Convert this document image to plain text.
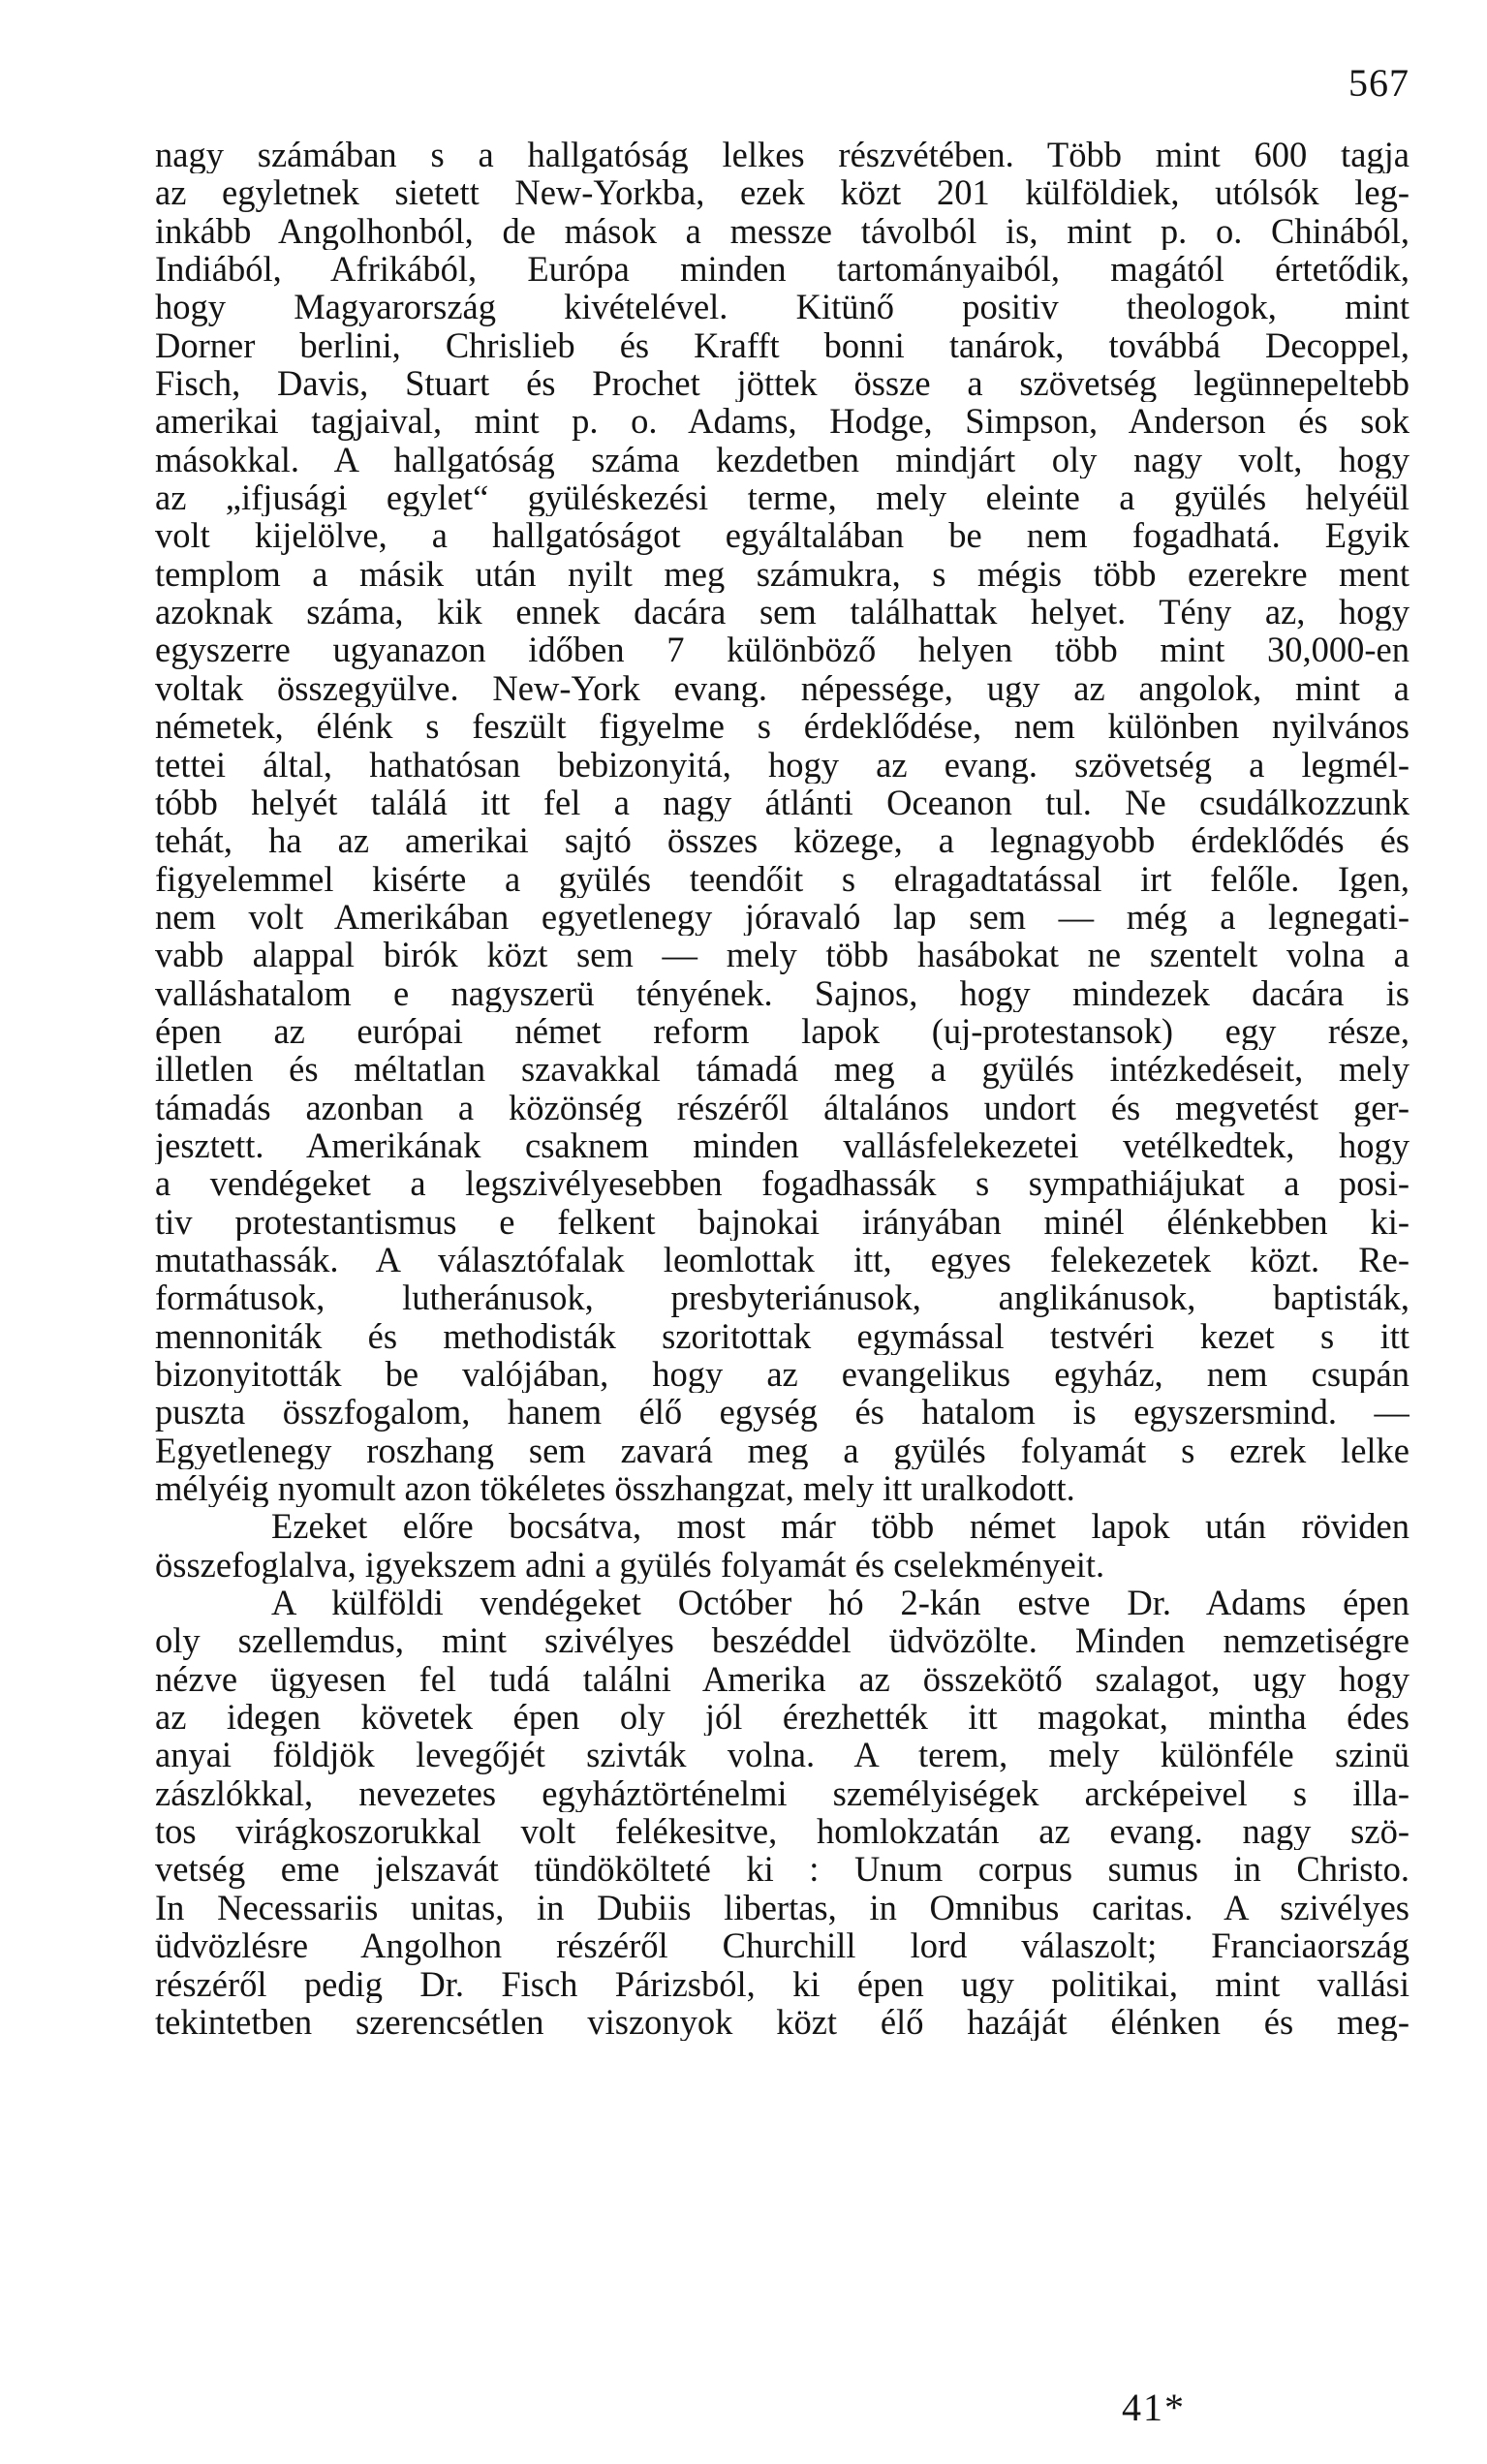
567
nagy számában s a hallgatóság lelkes részvétében. Több mint 600 tagja
az egyletnek sietett New-Yorkba, ezek közt 201 külföldiek, utólsók leg-
inkább Angolhonból, de mások a messze távolból is, mint p. o. Chinából,
Indiából, Afrikából, Európa minden tartományaiból, magától értetődik,
hogy Magyarország kivételével. Kitünő positiv theologok, mint
Dorner berlini, Chrislieb és Krafft bonni tanárok, továbbá Decoppel,
Fisch, Davis, Stuart és Prochet jöttek össze a szövetség legünnepeltebb
amerikai tagjaival, mint p. o. Adams, Hodge, Simpson, Anderson és sok
másokkal. A hallgatóság száma kezdetben mindjárt oly nagy volt, hogy
az „ifjusági egylet“ gyüléskezési terme, mely eleinte a gyülés helyéül
volt kijelölve, a hallgatóságot egyáltalában be nem fogadhatá. Egyik
templom a másik után nyilt meg számukra, s mégis több ezerekre ment
azoknak száma, kik ennek dacára sem találhattak helyet. Tény az, hogy
egyszerre ugyanazon időben 7 különböző helyen több mint 30,000-en
voltak összegyülve. New-York evang. népessége, ugy az angolok, mint a
németek, élénk s feszült figyelme s érdeklődése, nem különben nyilvános
tettei által, hathatósan bebizonyitá, hogy az evang. szövetség a legmél-
tóbb helyét találá itt fel a nagy átlánti Oceanon tul. Ne csudálkozzunk
tehát, ha az amerikai sajtó összes közege, a legnagyobb érdeklődés és
figyelemmel kisérte a gyülés teendőit s elragadtatással irt felőle. Igen,
nem volt Amerikában egyetlenegy jóravaló lap sem — még a legnegati-
vabb alappal birók közt sem — mely több hasábokat ne szentelt volna a
valláshatalom e nagyszerü tényének. Sajnos, hogy mindezek dacára is
épen az európai német reform lapok (uj-protestansok) egy része,
illetlen és méltatlan szavakkal támadá meg a gyülés intézkedéseit, mely
támadás azonban a közönség részéről általános undort és megvetést ger-
jesztett. Amerikának csaknem minden vallásfelekezetei vetélkedtek, hogy
a vendégeket a legszivélyesebben fogadhassák s sympathiájukat a posi-
tiv protestantismus e felkent bajnokai irányában minél élénkebben ki-
mutathassák. A választófalak leomlottak itt, egyes felekezetek közt. Re-
formátusok, lutheránusok, presbyteriánusok, anglikánusok, baptisták,
mennoniták és methodisták szoritottak egymással testvéri kezet s itt
bizonyitották be valójában, hogy az evangelikus egyház, nem csupán
puszta összfogalom, hanem élő egység és hatalom is egyszersmind. —
Egyetlenegy roszhang sem zavará meg a gyülés folyamát s ezrek lelke
mélyéig nyomult azon tökéletes összhangzat, mely itt uralkodott.
Ezeket előre bocsátva, most már több német lapok után röviden
összefoglalva, igyekszem adni a gyülés folyamát és cselekményeit.
A külföldi vendégeket Octóber hó 2-kán estve Dr. Adams épen
oly szellemdus, mint szivélyes beszéddel üdvözölte. Minden nemzetiségre
nézve ügyesen fel tudá találni Amerika az összekötő szalagot, ugy hogy
az idegen követek épen oly jól érezhették itt magokat, mintha édes
anyai földjök levegőjét szivták volna. A terem, mely különféle szinü
zászlókkal, nevezetes egyháztörténelmi személyiségek arcképeivel s illa-
tos virágkoszorukkal volt felékesitve, homlokzatán az evang. nagy szö-
vetség eme jelszavát tündökölteté ki : Unum corpus sumus in Christo.
In Necessariis unitas, in Dubiis libertas, in Omnibus caritas. A szivélyes
üdvözlésre Angolhon részéről Churchill lord válaszolt; Franciaország
részéről pedig Dr. Fisch Párizsból, ki épen ugy politikai, mint vallási
tekintetben szerencsétlen viszonyok közt élő hazáját élénken és meg-
41*
